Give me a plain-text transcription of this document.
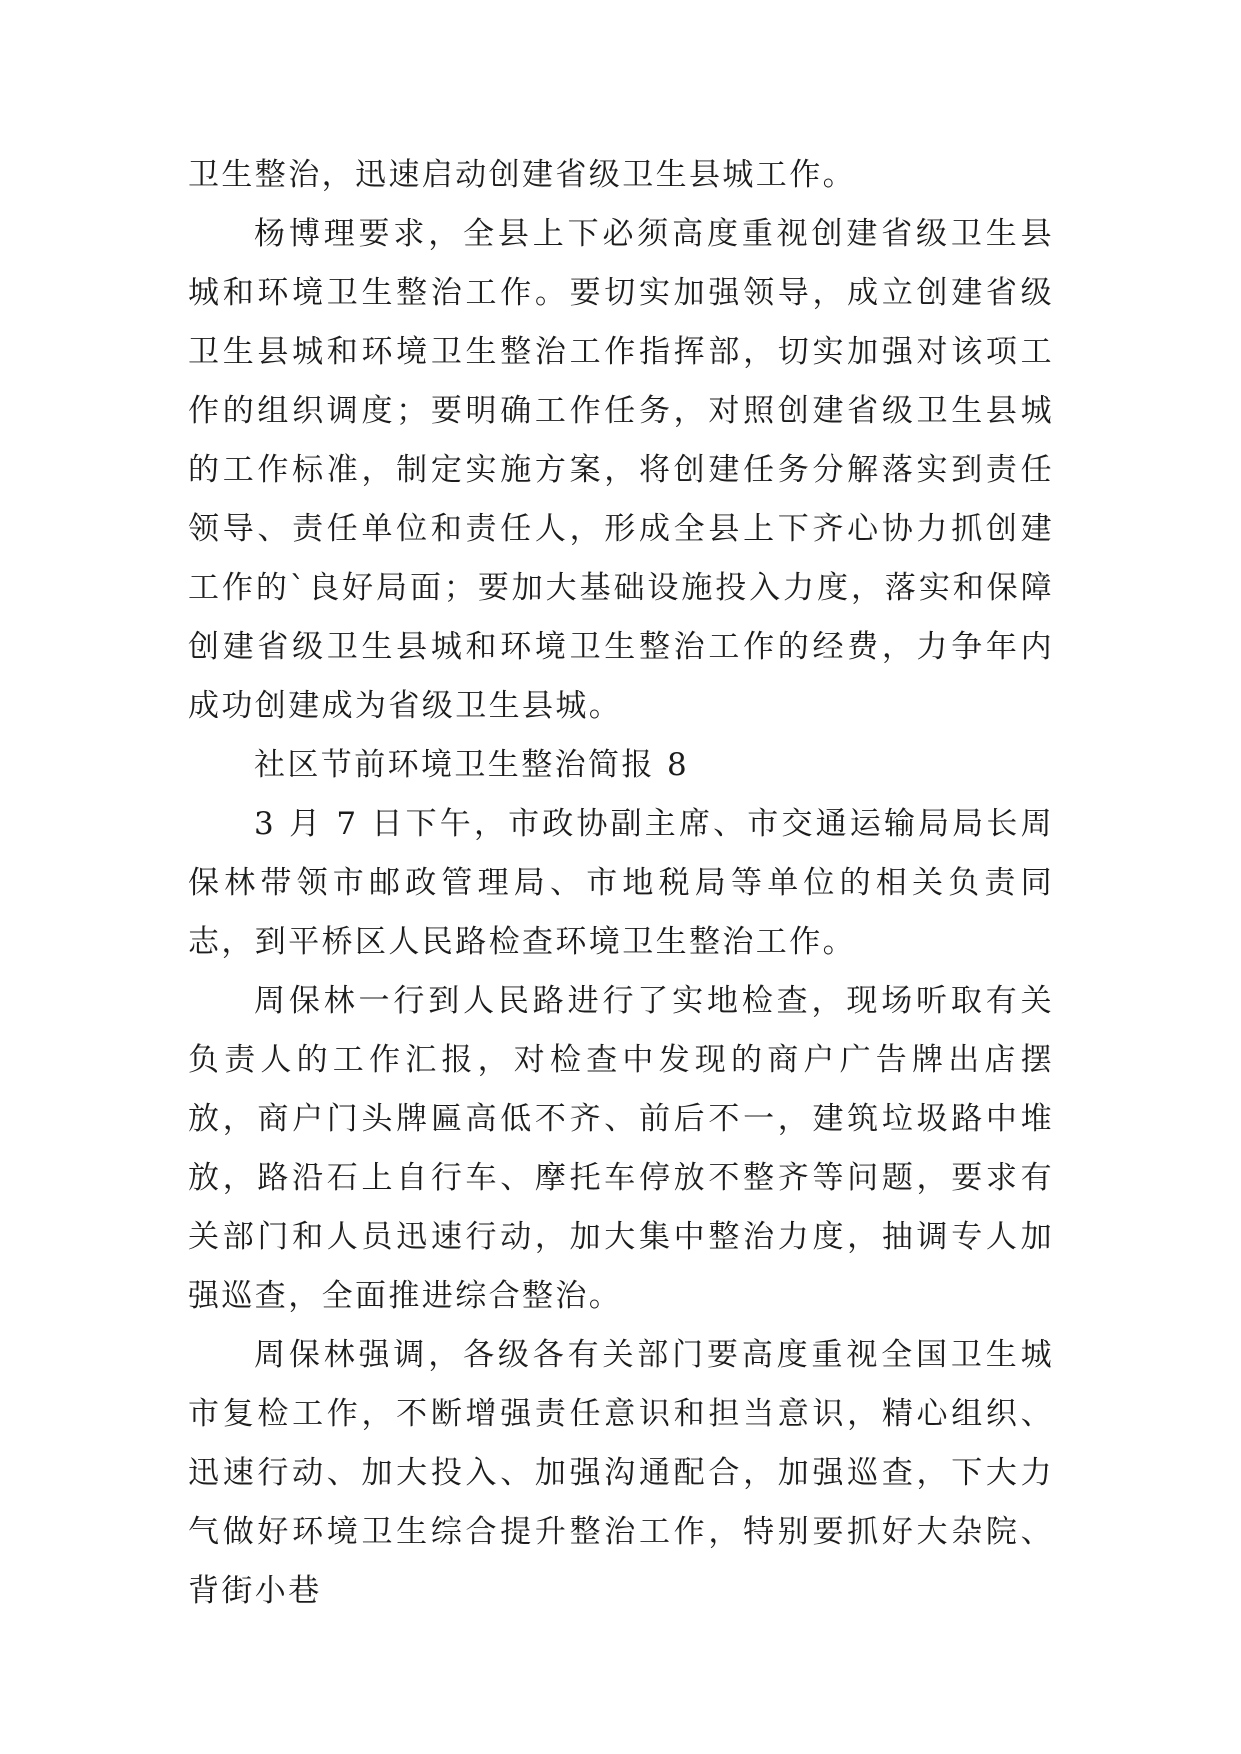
卫生整治，迅速启动创建省级卫生县城工作。

杨博理要求，全县上下必须高度重视创建省级卫生县城和环境卫生整治工作。要切实加强领导，成立创建省级卫生县城和环境卫生整治工作指挥部，切实加强对该项工作的组织调度；要明确工作任务，对照创建省级卫生县城的工作标准，制定实施方案，将创建任务分解落实到责任领导、责任单位和责任人，形成全县上下齐心协力抓创建工作的`良好局面；要加大基础设施投入力度，落实和保障创建省级卫生县城和环境卫生整治工作的经费，力争年内成功创建成为省级卫生县城。

社区节前环境卫生整治简报 8

3 月 7 日下午，市政协副主席、市交通运输局局长周保林带领市邮政管理局、市地税局等单位的相关负责同志，到平桥区人民路检查环境卫生整治工作。

周保林一行到人民路进行了实地检查，现场听取有关负责人的工作汇报，对检查中发现的商户广告牌出店摆放，商户门头牌匾高低不齐、前后不一，建筑垃圾路中堆放，路沿石上自行车、摩托车停放不整齐等问题，要求有关部门和人员迅速行动，加大集中整治力度，抽调专人加强巡查，全面推进综合整治。

周保林强调，各级各有关部门要高度重视全国卫生城市复检工作，不断增强责任意识和担当意识，精心组织、迅速行动、加大投入、加强沟通配合，加强巡查，下大力气做好环境卫生综合提升整治工作，特别要抓好大杂院、背街小巷
